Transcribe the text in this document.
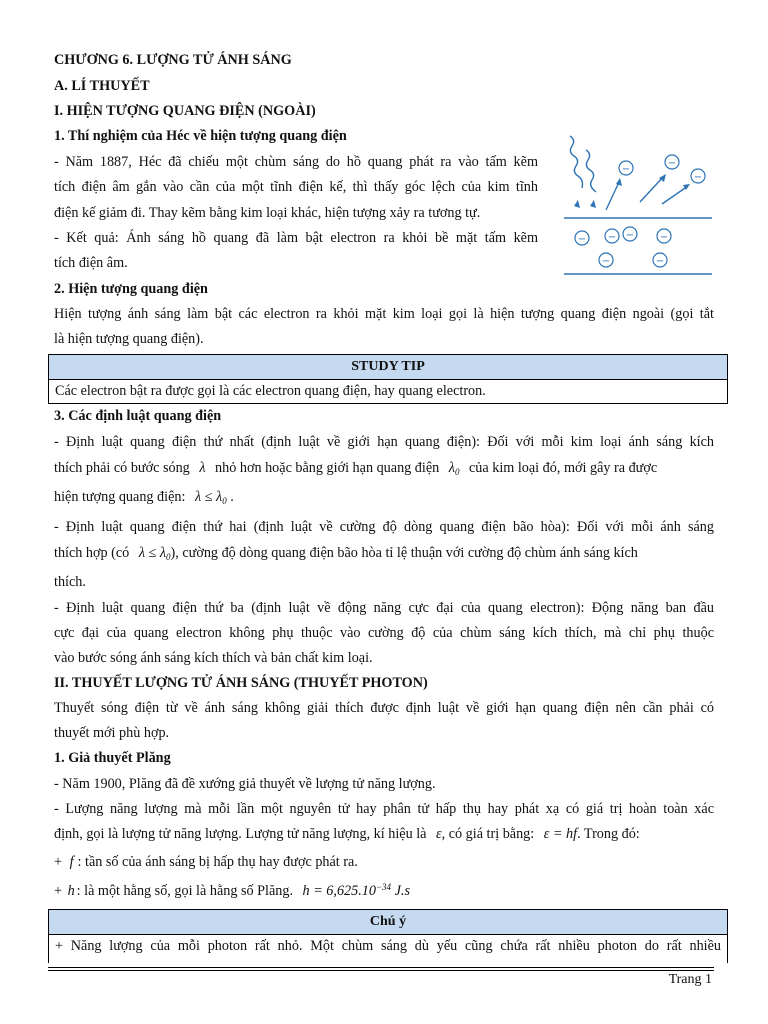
CHƯƠNG 6. LƯỢNG TỬ ÁNH SÁNG
A. LÍ THUYẾT
I. HIỆN TƯỢNG QUANG ĐIỆN (NGOÀI)
1. Thí nghiệm của Héc về hiện tượng quang điện
- Năm 1887, Héc đã chiếu một chùm sáng do hồ quang phát ra vào tấm kẽm
tích điện âm gắn vào cần của một tĩnh điện kế, thì thấy góc lệch của kim tĩnh
điện kế giảm đi. Thay kẽm bằng kim loại khác, hiện tượng xảy ra tương tự.
- Kết quả: Ánh sáng hồ quang đã làm bật electron ra khỏi bề mặt tấm kẽm
tích điện âm.
−
−
−
− − −	−
−	−
2. Hiện tượng quang điện
Hiện tượng ánh sáng làm bật các electron ra khỏi mặt kim loại gọi là hiện tượng quang điện ngoài (gọi tắt
là hiện tượng quang điện).
STUDY TIP
Các electron bật ra được gọi là các electron quang điện, hay quang electron.
3. Các định luật quang điện
- Định luật quang điện thứ nhất (định luật về giới hạn quang điện): Đối với mỗi kim loại ánh sáng kích
thích phải có bước sóng λ nhỏ hơn hoặc bằng giới hạn quang điện $\lambda_0$ của kim loại đó, mới gây ra được
hiện tượng quang điện: $\lambda \le \lambda_0$ .
- Định luật quang điện thứ hai (định luật về cường độ dòng quang điện bão hòa): Đối với mỗi ánh sáng
thích hợp (có $\lambda \le \lambda_0$), cường độ dòng quang điện bão hòa tỉ lệ thuận với cường độ chùm ánh sáng kích
thích.
- Định luật quang điện thứ ba (định luật về động năng cực đại của quang electron): Động năng ban đầu
cực đại của quang electron không phụ thuộc vào cường độ của chùm sáng kích thích, mà chỉ phụ thuộc
vào bước sóng ánh sáng kích thích và bản chất kim loại.
II. THUYẾT LƯỢNG TỬ ÁNH SÁNG (THUYẾT PHOTON)
Thuyết sóng điện từ về ánh sáng không giải thích được định luật về giới hạn quang điện nên cần phải có
thuyết mới phù hợp.
1. Giả thuyết Plăng
- Năm 1900, Plăng đã đề xướng giả thuyết về lượng tử năng lượng.
- Lượng năng lượng mà mỗi lần một nguyên tử hay phân tử hấp thụ hay phát xạ có giá trị hoàn toàn xác
định, gọi là lượng tử năng lượng. Lượng tử năng lượng, kí hiệu là ε, có giá trị bằng: ε = hf. Trong đó:
+ f : tần số của ánh sáng bị hấp thụ hay được phát ra.
+ h : là một hằng số, gọi là hằng số Plăng. $h = 6,625.10^{-34}$ J.s
Chú ý
+ Năng lượng của mỗi photon rất nhỏ. Một chùm sáng dù yếu cũng chứa rất nhiều photon do rất nhiều
Trang 1
